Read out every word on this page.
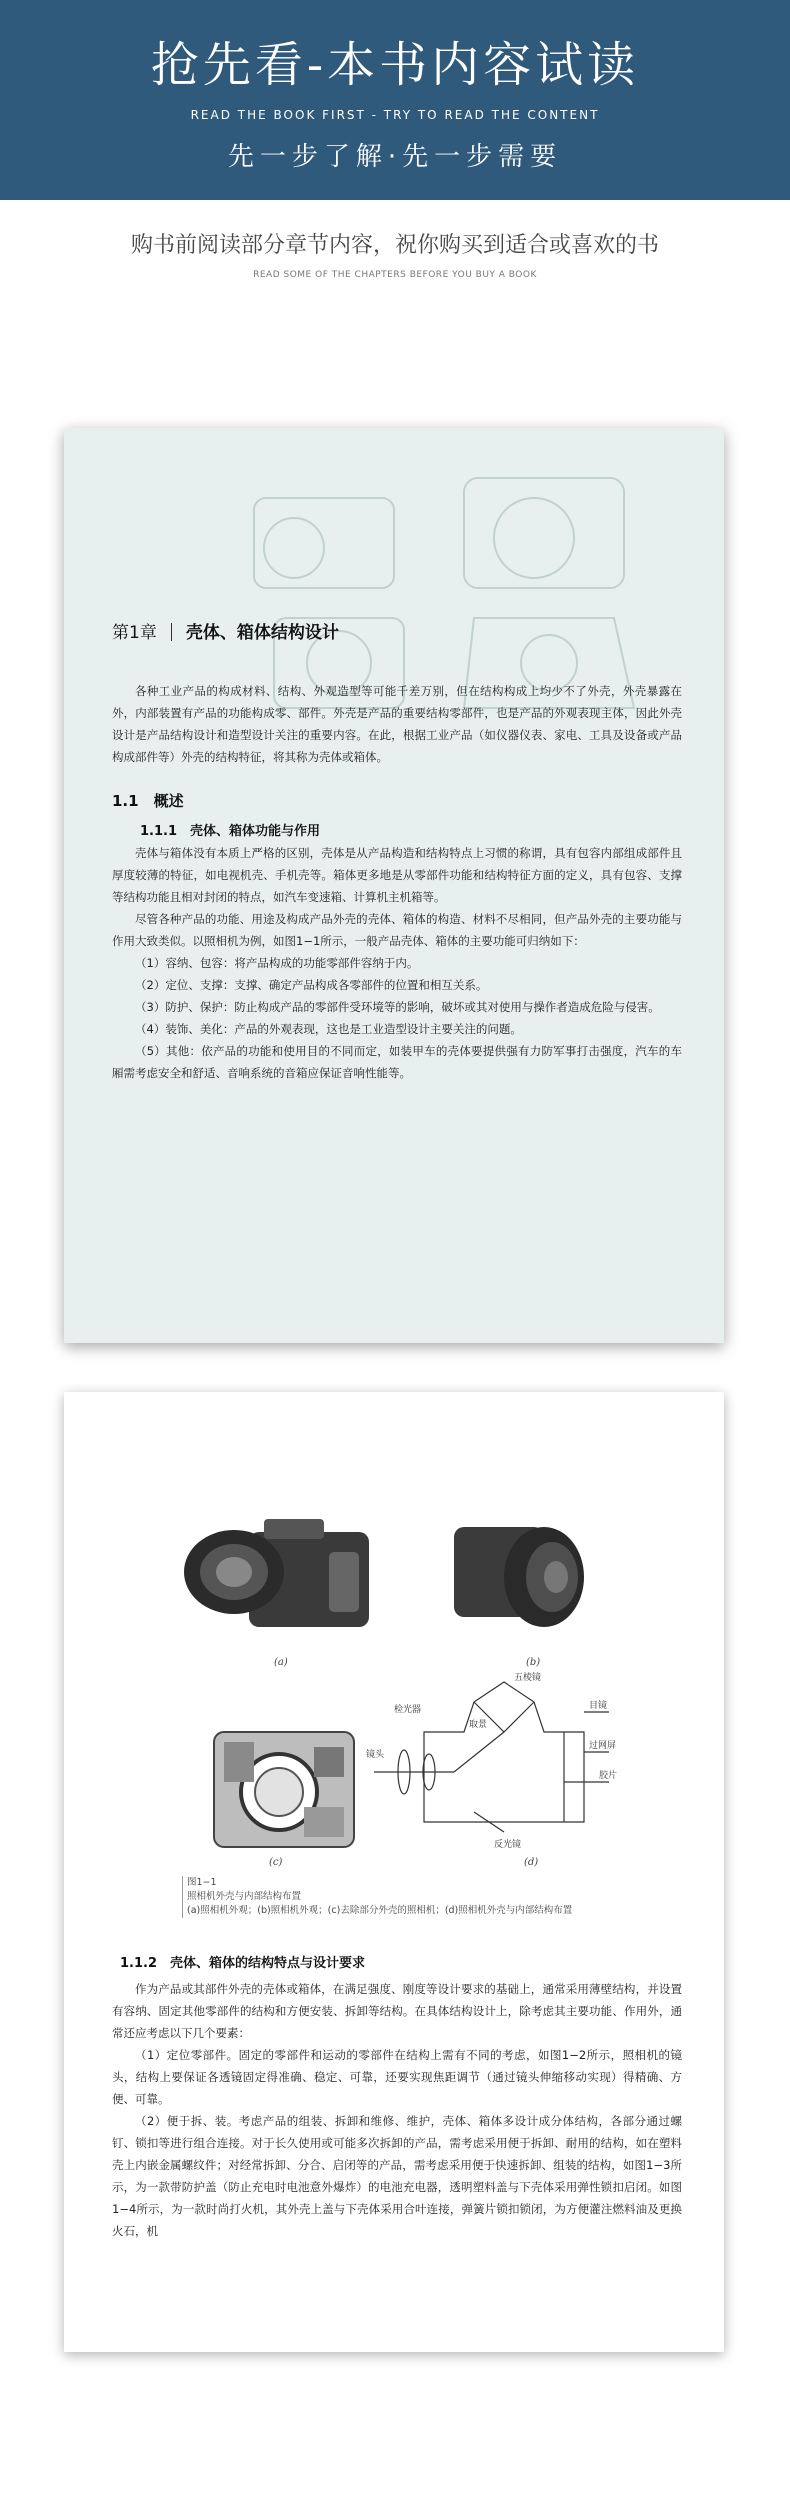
抢先看-本书内容试读
READ THE BOOK FIRST - TRY TO READ THE CONTENT
先一步了解·先一步需要
购书前阅读部分章节内容，祝你购买到适合或喜欢的书
READ SOME OF THE CHAPTERS BEFORE YOU BUY A BOOK
第1章 壳体、箱体结构设计

各种工业产品的构成材料、结构、外观造型等可能千差万别，但在结构构成上均少不了外壳，外壳暴露在外，内部装置有产品的功能构成零、部件。外壳是产品的重要结构零部件，也是产品的外观表现主体，因此外壳设计是产品结构设计和造型设计关注的重要内容。在此，根据工业产品（如仪器仪表、家电、工具及设备或产品构成部件等）外壳的结构特征，将其称为壳体或箱体。

1.1　概述
1.1.1　壳体、箱体功能与作用

壳体与箱体没有本质上严格的区别，壳体是从产品构造和结构特点上习惯的称谓，具有包容内部组成部件且厚度较薄的特征，如电视机壳、手机壳等。箱体更多地是从零部件功能和结构特征方面的定义，具有包容、支撑等结构功能且相对封闭的特点，如汽车变速箱、计算机主机箱等。

尽管各种产品的功能、用途及构成产品外壳的壳体、箱体的构造、材料不尽相同，但产品外壳的主要功能与作用大致类似。以照相机为例，如图1−1所示，一般产品壳体、箱体的主要功能可归纳如下：

（1）容纳、包容：将产品构成的功能零部件容纳于内。

（2）定位、支撑：支撑、确定产品构成各零部件的位置和相互关系。

（3）防护、保护：防止构成产品的零部件受环境等的影响，破坏或其对使用与操作者造成危险与侵害。

（4）装饰、美化：产品的外观表现，这也是工业造型设计主要关注的问题。

（5）其他：依产品的功能和使用目的不同而定，如装甲车的壳体要提供强有力防军事打击强度，汽车的车厢需考虑安全和舒适、音响系统的音箱应保证音响性能等。

(a)	(b)
(c)
五棱镜
取景
检光器	目镜
反光镜
胶片
过网屏
镜头
(d)
图1−1
照相机外壳与内部结构布置
(a)照相机外观；(b)照相机外观；(c)去除部分外壳的照相机；(d)照相机外壳与内部结构布置
1.1.2　壳体、箱体的结构特点与设计要求

作为产品或其部件外壳的壳体或箱体，在满足强度、刚度等设计要求的基础上，通常采用薄壁结构，并设置有容纳、固定其他零部件的结构和方便安装、拆卸等结构。在具体结构设计上，除考虑其主要功能、作用外，通常还应考虑以下几个要素：

（1）定位零部件。固定的零部件和运动的零部件在结构上需有不同的考虑，如图1−2所示，照相机的镜头，结构上要保证各透镜固定得准确、稳定、可靠，还要实现焦距调节（通过镜头伸缩移动实现）得精确、方便、可靠。

（2）便于拆、装。考虑产品的组装、拆卸和维修、维护，壳体、箱体多设计成分体结构，各部分通过螺钉、锁扣等进行组合连接。对于长久使用或可能多次拆卸的产品，需考虑采用便于拆卸、耐用的结构，如在塑料壳上内嵌金属螺纹件；对经常拆卸、分合、启闭等的产品，需考虑采用便于快速拆卸、组装的结构，如图1−3所示，为一款带防护盖（防止充电时电池意外爆炸）的电池充电器，透明塑料盖与下壳体采用弹性锁扣启闭。如图1−4所示，为一款时尚打火机，其外壳上盖与下壳体采用合叶连接，弹簧片锁扣锁闭，为方便灌注燃料油及更换火石，机
